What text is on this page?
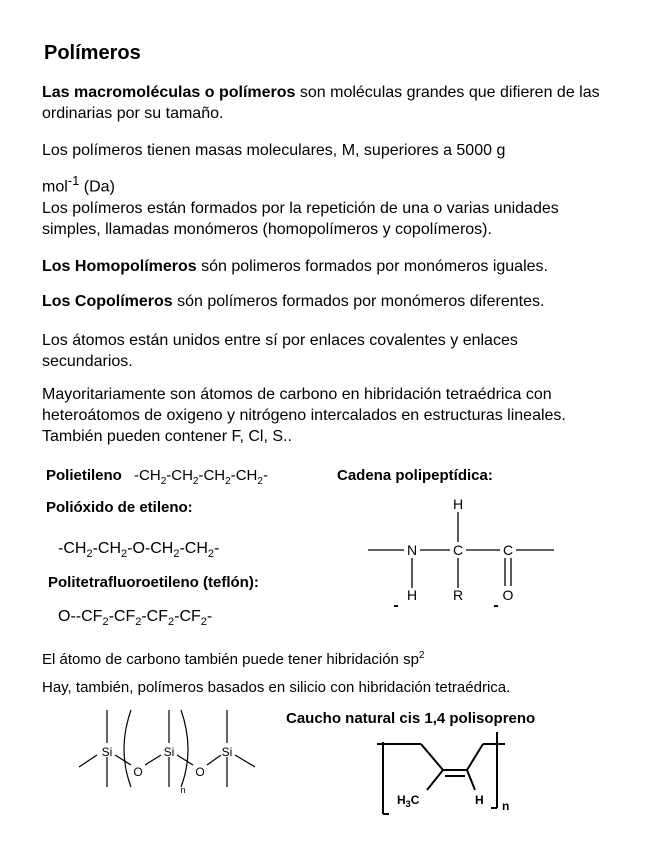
Polímeros
Las macromoléculas o polímeros son moléculas grandes que difieren de las ordinarias por su tamaño.
Los polímeros tienen masas moleculares, M, superiores a 5000 g
mol$^{-1}$ (Da)
Los polímeros están formados por la repetición de una o varias unidades simples, llamadas monómeros (homopolímeros y copolímeros).
Los Homopolímeros són polimeros formados por monómeros iguales.
Los Copolímeros són polímeros formados por monómeros diferentes.
Los átomos están unidos entre sí por enlaces covalentes y enlaces secundarios.
Mayoritariamente son átomos de carbono en hibridación tetraédrica con heteroátomos de oxigeno y nitrógeno intercalados en estructuras lineales. También pueden contener F, Cl, S..
Polietileno $-CH_2-CH_2-CH_2-CH_2-$	Cadena polipeptídica:
Polióxido de etileno:
$-CH_2-CH_2-O-CH_2-CH_2-$
Politetrafluoroetileno (teflón):
$O--CF_2-CF_2-CF_2-CF_2-$
N	C	C
H
H	R	O
-	-
El átomo de carbono también puede tener hibridación $sp^2$
Hay, también, polímeros basados en silicio con hibridación tetraédrica.
Si
O
Si
O
Si
n
Caucho natural cis 1,4 polisopreno
$H_3C$	H n
